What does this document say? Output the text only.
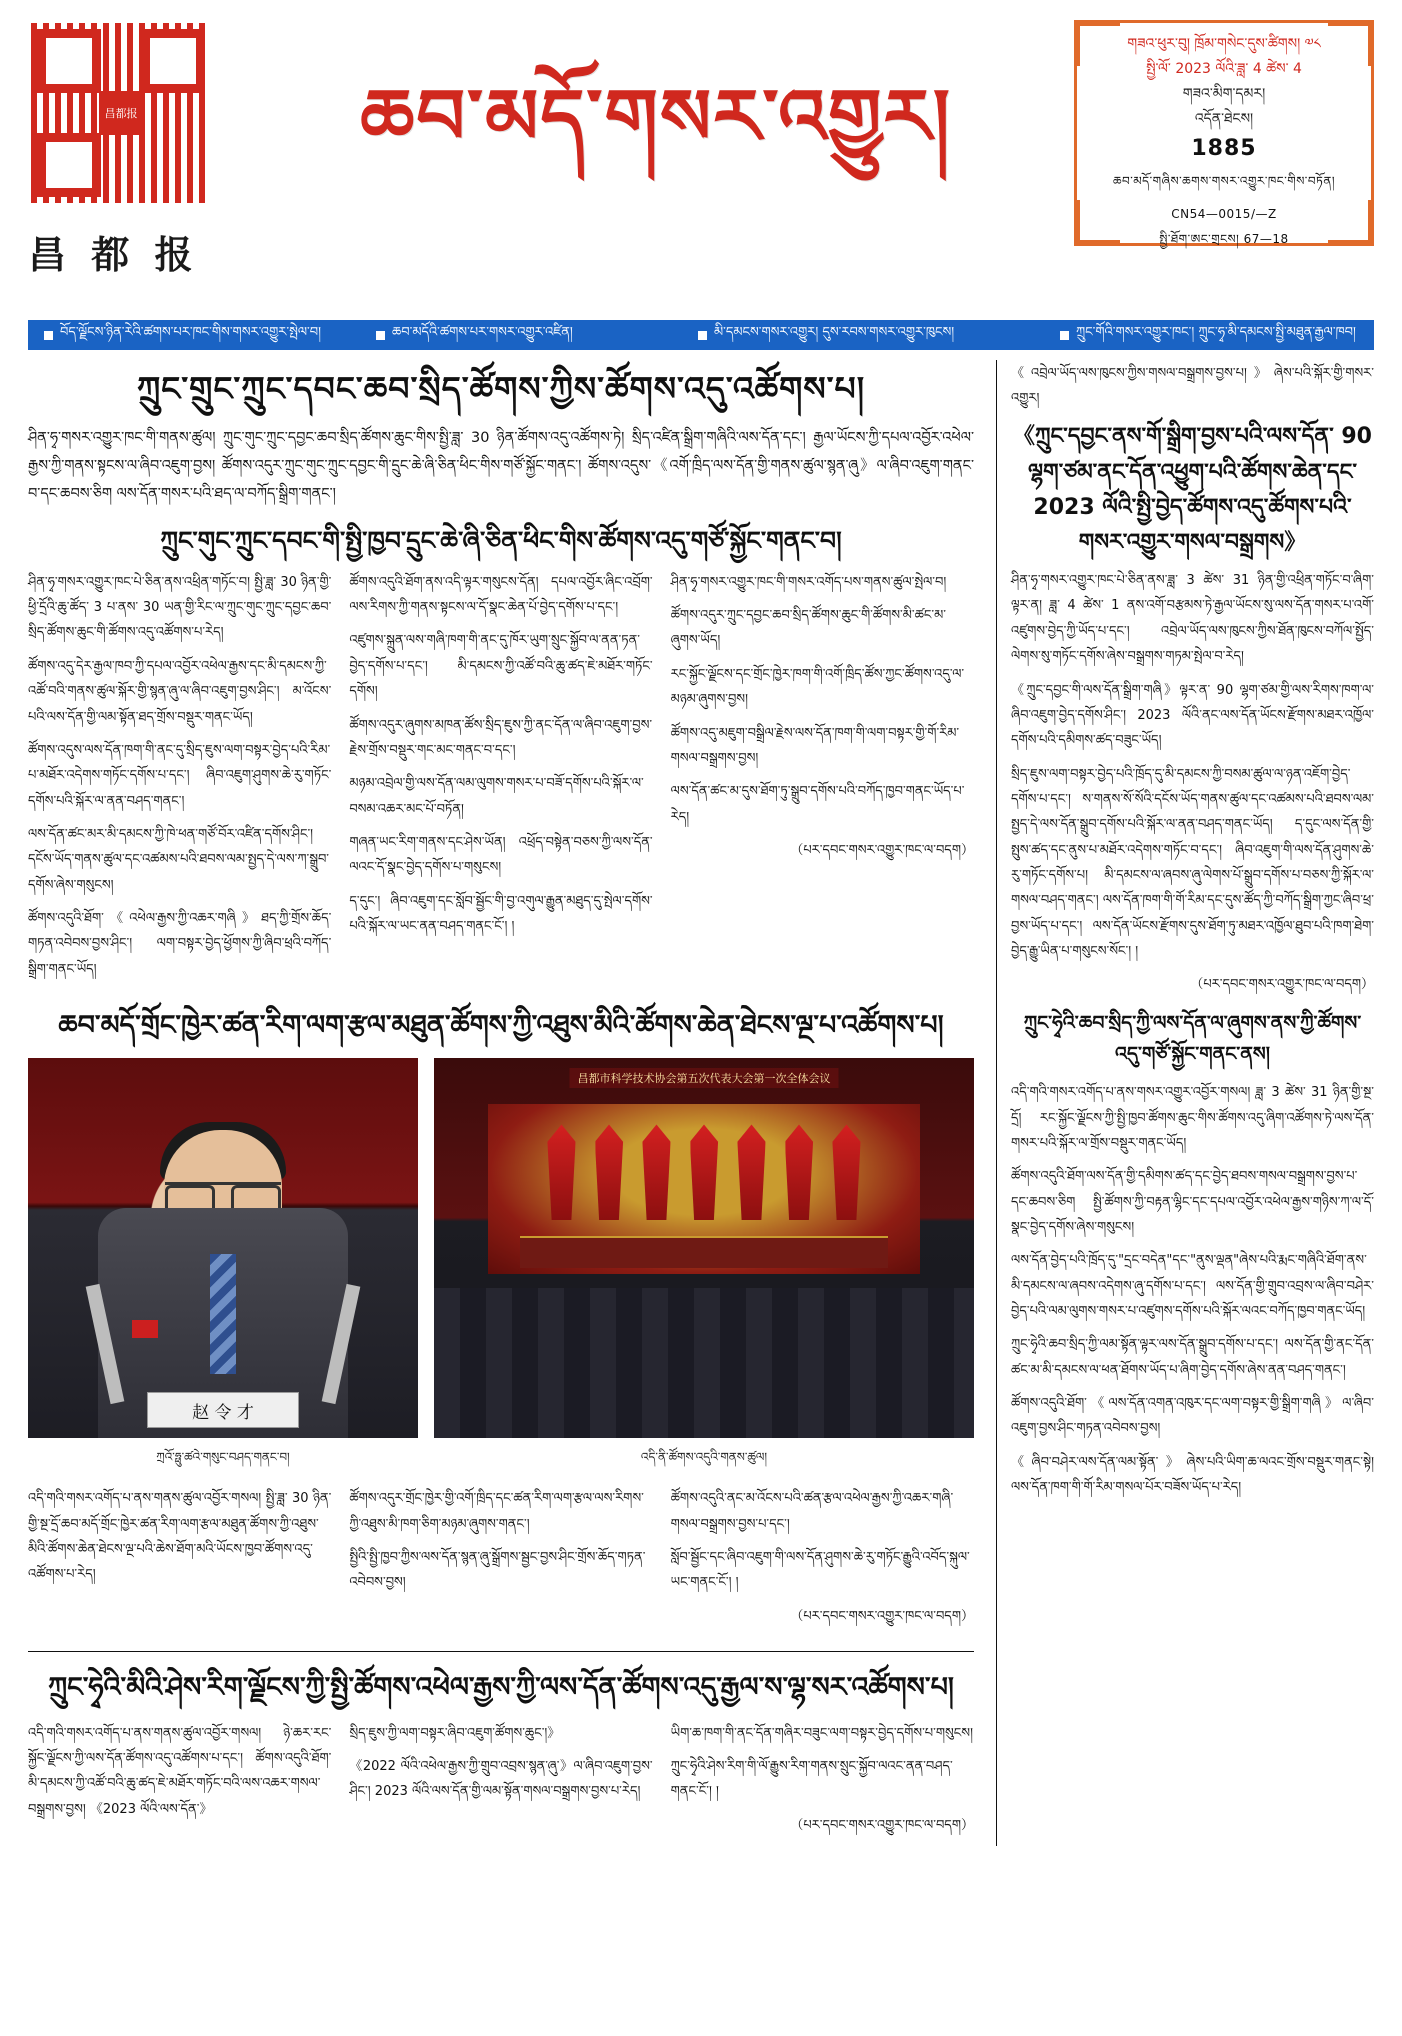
昌都报
昌 都 报
ཆབ་མདོ་གསར་འགྱུར།
གཟའ་ཕུར་བུ། ཁྲོམ་གསེང་དུས་ཚིགས། ༧༨
སྤྱི་ལོ་ 2023 ལོའི་ཟླ་ 4 ཚེས་ 4
གཟའ་མིག་དམར།
འདོན་ཐེངས།
1885
ཆབ་མདོ་གཞིས་ཆགས་གསར་འགྱུར་ཁང་གིས་བཏོན།
CN54—0015/—Z
སྤྱི་ཐོག་ཨང་གྲངས། 67—18
བོད་ལྗོངས་ཉིན་རེའི་ཚགས་པར་ཁང་གིས་གསར་འགྱུར་སྤེལ་བ།	ཆབ་མདོའི་ཚགས་པར་གསར་འགྱུར་འཛིན།	མི་དམངས་གསར་འགྱུར། དུས་རབས་གསར་འགྱུར་ཁུངས།	ཀྲུང་གོའི་གསར་འགྱུར་ཁང་། ཀྲུང་ཧྭ་མི་དམངས་སྤྱི་མཐུན་རྒྱལ་ཁབ།
ཀྲུང་གྲུང་ཀྲུང་དབང་ཆབ་སྲིད་ཚོགས་ཀྱིས་ཚོགས་འདུ་འཚོགས་པ།

ཤིན་ཧྭ་གསར་འགྱུར་ཁང་གི་གནས་ཚུལ། ཀྲུང་གུང་ཀྲུང་དབྱང་ཆབ་སྲིད་ཚོགས་ཆུང་གིས་སྤྱི་ཟླ་ 30 ཉིན་ཚོགས་འདུ་འཚོགས་ཏེ། སྲིད་འཛིན་སྒྲིག་གཞིའི་ལས་དོན་དང་། རྒྱལ་ཡོངས་ཀྱི་དཔལ་འབྱོར་འཕེལ་རྒྱས་ཀྱི་གནས་སྟངས་ལ་ཞིབ་འཇུག་བྱས། ཚོགས་འདུར་ཀྲུང་གུང་ཀྲུང་དབྱང་གི་དྲུང་ཆེ་ཞི་ཅིན་ཕིང་གིས་གཙོ་སྐྱོང་གནང་། ཚོགས་འདུས་《འགོ་ཁྲིད་ལས་དོན་གྱི་གནས་ཚུལ་སྙན་ཞུ》ལ་ཞིབ་འཇུག་གནང་བ་དང་ཆབས་ཅིག ལས་དོན་གསར་པའི་ཐད་ལ་བཀོད་སྒྲིག་གནང་།

ཀྲུང་གུང་ཀྲུང་དབང་གི་སྤྱི་ཁྱབ་དྲུང་ཆེ་ཞི་ཅིན་ཕིང་གིས་ཚོགས་འདུ་གཙོ་སྐྱོང་གནང་བ།

ཤིན་ཧྭ་གསར་འགྱུར་ཁང་པེ་ཅིན་ནས་འཕྲིན་གཏོང་བ། སྤྱི་ཟླ་ 30 ཉིན་གྱི་ཕྱི་དྲོའི་ཆུ་ཚོད་ 3 པ་ནས་ 30 ཡན་གྱི་རིང་ལ་ཀྲུང་གུང་ཀྲུང་དབྱང་ཆབ་སྲིད་ཚོགས་ཆུང་གི་ཚོགས་འདུ་འཚོགས་པ་རེད།

ཚོགས་འདུ་དེར་རྒྱལ་ཁབ་ཀྱི་དཔལ་འབྱོར་འཕེལ་རྒྱས་དང་མི་དམངས་ཀྱི་འཚོ་བའི་གནས་ཚུལ་སྐོར་གྱི་སྙན་ཞུ་ལ་ཞིབ་འཇུག་བྱས་ཤིང་། མ་འོངས་པའི་ལས་དོན་གྱི་ལམ་སྟོན་ཐད་གྲོས་བསྡུར་གནང་ཡོད།

ཚོགས་འདུས་ལས་དོན་ཁག་གི་ནང་དུ་སྲིད་ཇུས་ལག་བསྟར་བྱེད་པའི་རིམ་པ་མཐོར་འདེགས་གཏོང་དགོས་པ་དང་། ཞིབ་འཇུག་ཤུགས་ཆེ་རུ་གཏོང་དགོས་པའི་སྐོར་ལ་ནན་བཤད་གནང་།

ལས་དོན་ཚང་མར་མི་དམངས་ཀྱི་ཁེ་ཕན་གཙོ་བོར་འཛིན་དགོས་ཤིང་། དངོས་ཡོད་གནས་ཚུལ་དང་འཚམས་པའི་ཐབས་ལམ་སྤྱད་དེ་ལས་ཀ་སྒྲུབ་དགོས་ཞེས་གསུངས།

ཚོགས་འདུའི་ཐོག་《འཕེལ་རྒྱས་ཀྱི་འཆར་གཞི》ཐད་ཀྱི་གྲོས་ཆོད་གཏན་འབེབས་བྱས་ཤིང་། ལག་བསྟར་བྱེད་ཕྱོགས་ཀྱི་ཞིབ་ཕྲའི་བཀོད་སྒྲིག་གནང་ཡོད།

ཚོགས་འདུའི་ཐོག་ནས་འདི་ལྟར་གསུངས་དོན། དཔལ་འབྱོར་ཞིང་འབྲོག་ལས་རིགས་ཀྱི་གནས་སྟངས་ལ་དོ་སྣང་ཆེན་པོ་བྱེད་དགོས་པ་དང་།

འཛུགས་སྐྲུན་ལས་གཞི་ཁག་གི་ནང་དུ་ཁོར་ཡུག་སྲུང་སྐྱོབ་ལ་ནན་ཏན་བྱེད་དགོས་པ་དང་། མི་དམངས་ཀྱི་འཚོ་བའི་ཆུ་ཚད་ཇེ་མཐོར་གཏོང་དགོས།

ཚོགས་འདུར་ཞུགས་མཁན་ཚོས་སྲིད་ཇུས་ཀྱི་ནང་དོན་ལ་ཞིབ་འཇུག་བྱས་རྗེས་གྲོས་བསྡུར་གང་མང་གནང་བ་དང་།

མཉམ་འབྲེལ་གྱི་ལས་དོན་ལམ་ལུགས་གསར་པ་བཟོ་དགོས་པའི་སྐོར་ལ་བསམ་འཆར་མང་པོ་བཏོན།

གཞན་ཡང་རིག་གནས་དང་ཤེས་ཡོན། འཕྲོད་བསྟེན་བཅས་ཀྱི་ལས་དོན་ལའང་དོ་སྣང་བྱེད་དགོས་པ་གསུངས།

ད་དུང་། ཞིབ་འཇུག་དང་སློབ་སྦྱོང་གི་བྱ་འགུལ་རྒྱུན་མཐུད་དུ་སྤེལ་དགོས་པའི་སྐོར་ལ་ཡང་ནན་བཤད་གནང་ངོ་། །

ཤིན་ཧྭ་གསར་འགྱུར་ཁང་གི་གསར་འགོད་པས་གནས་ཚུལ་སྤེལ་བ།

ཚོགས་འདུར་ཀྲུང་དབྱང་ཆབ་སྲིད་ཚོགས་ཆུང་གི་ཚོགས་མི་ཚང་མ་ཞུགས་ཡོད།

རང་སྐྱོང་ལྗོངས་དང་གྲོང་ཁྱེར་ཁག་གི་འགོ་ཁྲིད་ཚོས་ཀྱང་ཚོགས་འདུ་ལ་མཉམ་ཞུགས་བྱས།

ཚོགས་འདུ་མཇུག་བསྒྲིལ་རྗེས་ལས་དོན་ཁག་གི་ལག་བསྟར་གྱི་གོ་རིམ་གསལ་བསྒྲགས་བྱས།

ལས་དོན་ཚང་མ་དུས་ཐོག་ཏུ་སྒྲུབ་དགོས་པའི་བཀོད་ཁྱབ་གནང་ཡོད་པ་རེད།

（པར་དབང་གསར་འགྱུར་ཁང་ལ་བདག）

ཆབ་མདོ་གྲོང་ཁྱེར་ཚན་རིག་ལག་རྩལ་མཐུན་ཚོགས་ཀྱི་འཐུས་མིའི་ཚོགས་ཆེན་ཐེངས་ལྔ་པ་འཚོགས་པ།
赵 令 才
ཀྲའོ་ཧྥུ་ཚའེ་གསུང་བཤད་གནང་བ།
昌都市科学技术协会第五次代表大会第一次全体会议
འདི་ནི་ཚོགས་འདུའི་གནས་ཚུལ།

འདི་གའི་གསར་འགོད་པ་ནས་གནས་ཚུལ་འབྱོར་གསལ། སྤྱི་ཟླ་ 30 ཉིན་གྱི་སྔ་དྲོ་ཆབ་མདོ་གྲོང་ཁྱེར་ཚན་རིག་ལག་རྩལ་མཐུན་ཚོགས་ཀྱི་འཐུས་མིའི་ཚོགས་ཆེན་ཐེངས་ལྔ་པའི་ཆེས་ཐོག་མའི་ཡོངས་ཁྱབ་ཚོགས་འདུ་འཚོགས་པ་རེད།

ཚོགས་འདུར་གྲོང་ཁྱེར་གྱི་འགོ་ཁྲིད་དང་ཚན་རིག་ལག་རྩལ་ལས་རིགས་ཀྱི་འཐུས་མི་ཁག་ཅིག་མཉམ་ཞུགས་གནང་།

སྤྱིའི་སྤྱི་ཁྱབ་ཀྱིས་ལས་དོན་སྙན་ཞུ་སྒྲོགས་སྦྱང་བྱས་ཤིང་གྲོས་ཆོད་གཏན་འབེབས་བྱས།

ཚོགས་འདུའི་ནང་མ་འོངས་པའི་ཚན་རྩལ་འཕེལ་རྒྱས་ཀྱི་འཆར་གཞི་གསལ་བསྒྲགས་བྱས་པ་དང་།

སློབ་སྦྱོང་དང་ཞིབ་འཇུག་གི་ལས་དོན་ཤུགས་ཆེ་རུ་གཏོང་རྒྱུའི་འབོད་སྐུལ་ཡང་གནང་ངོ་། །

（པར་དབང་གསར་འགྱུར་ཁང་ལ་བདག）

ཀྲུང་ཧྭེའི་མིའི་ཤེས་རིག་ལྗོངས་ཀྱི་སྤྱི་ཚོགས་འཕེལ་རྒྱས་ཀྱི་ལས་དོན་ཚོགས་འདུ་རྒྱལ་ས་ལྷ་སར་འཚོགས་པ།

འདི་གའི་གསར་འགོད་པ་ནས་གནས་ཚུལ་འབྱོར་གསལ། ཉེ་ཆར་རང་སྐྱོང་ལྗོངས་ཀྱི་ལས་དོན་ཚོགས་འདུ་འཚོགས་པ་དང་། ཚོགས་འདུའི་ཐོག་མི་དམངས་ཀྱི་འཚོ་བའི་ཆུ་ཚད་ཇེ་མཐོར་གཏོང་བའི་ལས་འཆར་གསལ་བསྒྲགས་བྱས། 《2023 ལོའི་ལས་དོན་》

སྲིད་ཇུས་ཀྱི་ལག་བསྟར་ཞིབ་འཇུག་ཚོགས་ཆུང་།》

《2022 ལོའི་འཕེལ་རྒྱས་ཀྱི་གྲུབ་འབྲས་སྙན་ཞུ་》ལ་ཞིབ་འཇུག་བྱས་ཤིང་། 2023 ལོའི་ལས་དོན་གྱི་ལམ་སྟོན་གསལ་བསྒྲགས་བྱས་པ་རེད།

ཡིག་ཆ་ཁག་གི་ནང་དོན་གཞིར་བཟུང་ལག་བསྟར་བྱེད་དགོས་པ་གསུངས།

ཀྲུང་ཧྭེའི་ཤེས་རིག་གི་ལོ་རྒྱུས་རིག་གནས་སྲུང་སྐྱོབ་ལའང་ནན་བཤད་གནང་ངོ་། །

（པར་དབང་གསར་འགྱུར་ཁང་ལ་བདག）

《འབྲེལ་ཡོད་ལས་ཁུངས་ཀྱིས་གསལ་བསྒྲགས་བྱས་པ།》ཞེས་པའི་སྐོར་གྱི་གསར་འགྱུར།

《ཀྲུང་དབྱང་ནས་གོ་སྒྲིག་བྱས་པའི་ལས་དོན་ 90 ལྷག་ཙམ་ནང་དོན་འཕྱུག་པའི་ཚོགས་ཆེན་དང་ 2023 ལོའི་སྤྱི་བྱེད་ཚོགས་འདུ་ཚོགས་པའི་གསར་འགྱུར་གསལ་བསྒྲགས》

ཤིན་ཧྭ་གསར་འགྱུར་ཁང་པེ་ཅིན་ནས་ཟླ་ 3 ཚེས་ 31 ཉིན་གྱི་འཕྲིན་གཏོང་བ་ཞིག་ལྟར་ན། ཟླ་ 4 ཚེས་ 1 ནས་འགོ་བརྩམས་ཏེ་རྒྱལ་ཡོངས་སུ་ལས་དོན་གསར་པ་འགོ་འཛུགས་བྱེད་ཀྱི་ཡོད་པ་དང་། འབྲེལ་ཡོད་ལས་ཁུངས་ཀྱིས་ཐོན་ཁུངས་བཀོལ་སྤྱོད་ལེགས་སུ་གཏོང་དགོས་ཞེས་བསྒྲགས་གཏམ་སྤེལ་བ་རེད།

《ཀྲུང་དབྱང་གི་ལས་དོན་སྒྲིག་གཞི》ལྟར་ན་ 90 ལྷག་ཙམ་གྱི་ལས་རིགས་ཁག་ལ་ཞིབ་འཇུག་བྱེད་དགོས་ཤིང་། 2023 ལོའི་ནང་ལས་དོན་ཡོངས་རྫོགས་མཐར་འཁྱོལ་དགོས་པའི་དམིགས་ཚད་བཟུང་ཡོད།

སྲིད་ཇུས་ལག་བསྟར་བྱེད་པའི་ཁྲོད་དུ་མི་དམངས་ཀྱི་བསམ་ཚུལ་ལ་ཉན་འཇོག་བྱེད་དགོས་པ་དང་། ས་གནས་སོ་སོའི་དངོས་ཡོད་གནས་ཚུལ་དང་འཚམས་པའི་ཐབས་ལམ་སྤྱད་དེ་ལས་དོན་སྒྲུབ་དགོས་པའི་སྐོར་ལ་ནན་བཤད་གནང་ཡོད། ད་དུང་ལས་དོན་གྱི་སྤུས་ཚད་དང་ནུས་པ་མཐོར་འདེགས་གཏོང་བ་དང་། ཞིབ་འཇུག་གི་ལས་དོན་ཤུགས་ཆེ་རུ་གཏོང་དགོས་པ། མི་དམངས་ལ་ཞབས་ཞུ་ལེགས་པོ་སྒྲུབ་དགོས་པ་བཅས་ཀྱི་སྐོར་ལ་གསལ་བཤད་གནང་། ལས་དོན་ཁག་གི་གོ་རིམ་དང་དུས་ཚོད་ཀྱི་བཀོད་སྒྲིག་ཀྱང་ཞིབ་ཕྲ་བྱས་ཡོད་པ་དང་། ལས་དོན་ཡོངས་རྫོགས་དུས་ཐོག་ཏུ་མཐར་འཁྱོལ་ཐུབ་པའི་ཁག་ཐེག་བྱེད་རྒྱུ་ཡིན་པ་གསུངས་སོང་། །

（པར་དབང་གསར་འགྱུར་ཁང་ལ་བདག）

ཀྲུང་ཧྭེའི་ཆབ་སྲིད་ཀྱི་ལས་དོན་ལ་ཞུགས་ནས་ཀྱི་ཚོགས་འདུ་གཙོ་སྐྱོང་གནང་ནས།

འདི་གའི་གསར་འགོད་པ་ནས་གསར་འགྱུར་འབྱོར་གསལ། ཟླ་ 3 ཚེས་ 31 ཉིན་གྱི་སྔ་དྲོ། རང་སྐྱོང་ལྗོངས་ཀྱི་སྤྱི་ཁྱབ་ཚོགས་ཆུང་གིས་ཚོགས་འདུ་ཞིག་འཚོགས་ཏེ་ལས་དོན་གསར་པའི་སྐོར་ལ་གྲོས་བསྡུར་གནང་ཡོད།

ཚོགས་འདུའི་ཐོག་ལས་དོན་གྱི་དམིགས་ཚད་དང་བྱེད་ཐབས་གསལ་བསྒྲགས་བྱས་པ་དང་ཆབས་ཅིག སྤྱི་ཚོགས་ཀྱི་བརྟན་ལྷིང་དང་དཔལ་འབྱོར་འཕེལ་རྒྱས་གཉིས་ཀ་ལ་དོ་སྣང་བྱེད་དགོས་ཞེས་གསུངས།

ལས་དོན་བྱེད་པའི་ཁྲོད་དུ་"དྲང་བདེན"དང་"ནུས་ལྡན"ཞེས་པའི་རྨང་གཞིའི་ཐོག་ནས་མི་དམངས་ལ་ཞབས་འདེགས་ཞུ་དགོས་པ་དང་། ལས་དོན་གྱི་གྲུབ་འབྲས་ལ་ཞིབ་བཤེར་བྱེད་པའི་ལམ་ལུགས་གསར་པ་འཛུགས་དགོས་པའི་སྐོར་ལའང་བཀོད་ཁྱབ་གནང་ཡོད།

ཀྲུང་ཧྭེའི་ཆབ་སྲིད་ཀྱི་ལམ་སྟོན་ལྟར་ལས་དོན་སྒྲུབ་དགོས་པ་དང་། ལས་དོན་གྱི་ནང་དོན་ཚང་མ་མི་དམངས་ལ་ཕན་ཐོགས་ཡོད་པ་ཞིག་བྱེད་དགོས་ཞེས་ནན་བཤད་གནང་།

ཚོགས་འདུའི་ཐོག་《ལས་དོན་འགན་འཁུར་དང་ལག་བསྟར་གྱི་སྒྲིག་གཞི》ལ་ཞིབ་འཇུག་བྱས་ཤིང་གཏན་འབེབས་བྱས།

《ཞིབ་བཤེར་ལས་དོན་ལམ་སྟོན་》ཞེས་པའི་ཡིག་ཆ་ལའང་གྲོས་བསྡུར་གནང་སྟེ། ལས་དོན་ཁག་གི་གོ་རིམ་གསལ་པོར་བཟོས་ཡོད་པ་རེད།
